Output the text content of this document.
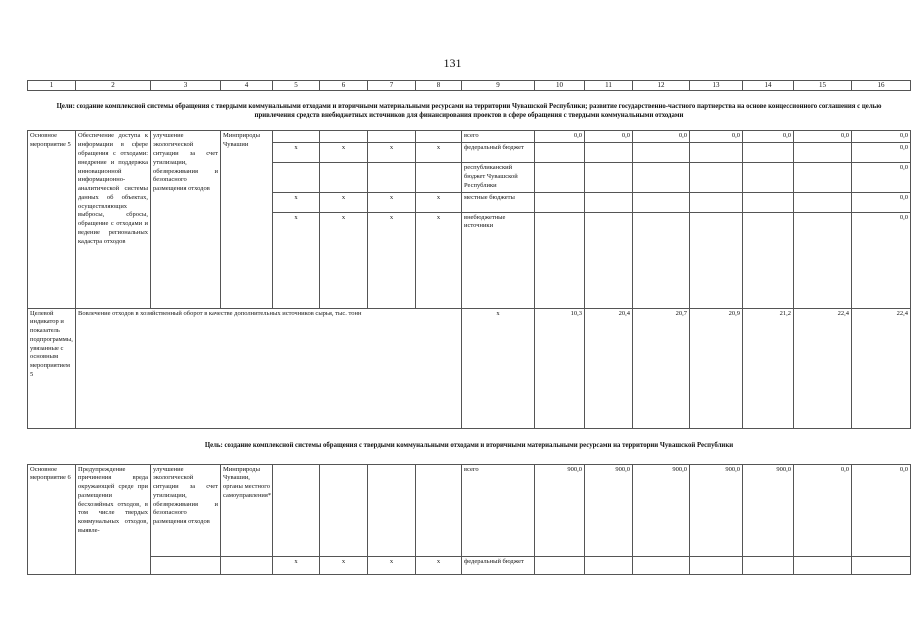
131
1	2	3	4	5	6	7	8	9	10	11	12	13	14	15	16
Цели: создание комплексной системы обращения с твердыми коммунальными отходами и вторичными материальными ресурсами на территории Чувашской Республики; развитие государственно-частного партнерства на основе концессионного соглашения с целью привлечения средств внебюджетных источников для финансирования проектов в сфере обращения с твердыми коммунальными отходами															
Основное мероприятие 5	Обеспечение доступа к информации в сфере обращения с отходами: внедрение и поддержка инновационной информационно-аналитической системы данных об объектах, осуществляющих выбросы, сбросы, обращение с отходами и ведение региональных кадастра отходов	улучшение экологической ситуации за счет утилизации, обезвреживания и безопасного размещения отходов	Минприроды Чувашии					всего	0,0	0,0	0,0	0,0	0,0	0,0	0,0
				x	x	x	x	федеральный бюджет							0,0
								республиканский бюджет Чувашской Республики							0,0
				x	x	x	x	местные бюджеты							0,0
				x	x	x	x	внебюджетные источники							0,0
Целевой индикатор и показатель подпрограммы, увязанные с основным мероприятием 5	Вовлечение отходов в хозяйственный оборот в качестве дополнительных источников сырья, тыс. тонн							x	10,3	20,4	20,7	20,9	21,2	22,4	22,4
Цель: создание комплексной системы обращения с твердыми коммунальными отходами и вторичными материальными ресурсами на территории Чувашской Республики															
Основное мероприятие 6	Предупреждение причинения вреда окружающей среде при размещении бесхозяйных отходов, в том числе твердых коммунальных отходов, выявле-	улучшение экологической ситуации за счет утилизации, обезвреживания и безопасного размещения отходов	Минприроды Чувашии, органы местного самоуправления*					всего	900,0	900,0	900,0	900,0	900,0	0,0	0,0
				x	x	x	x	федеральный бюджет							
